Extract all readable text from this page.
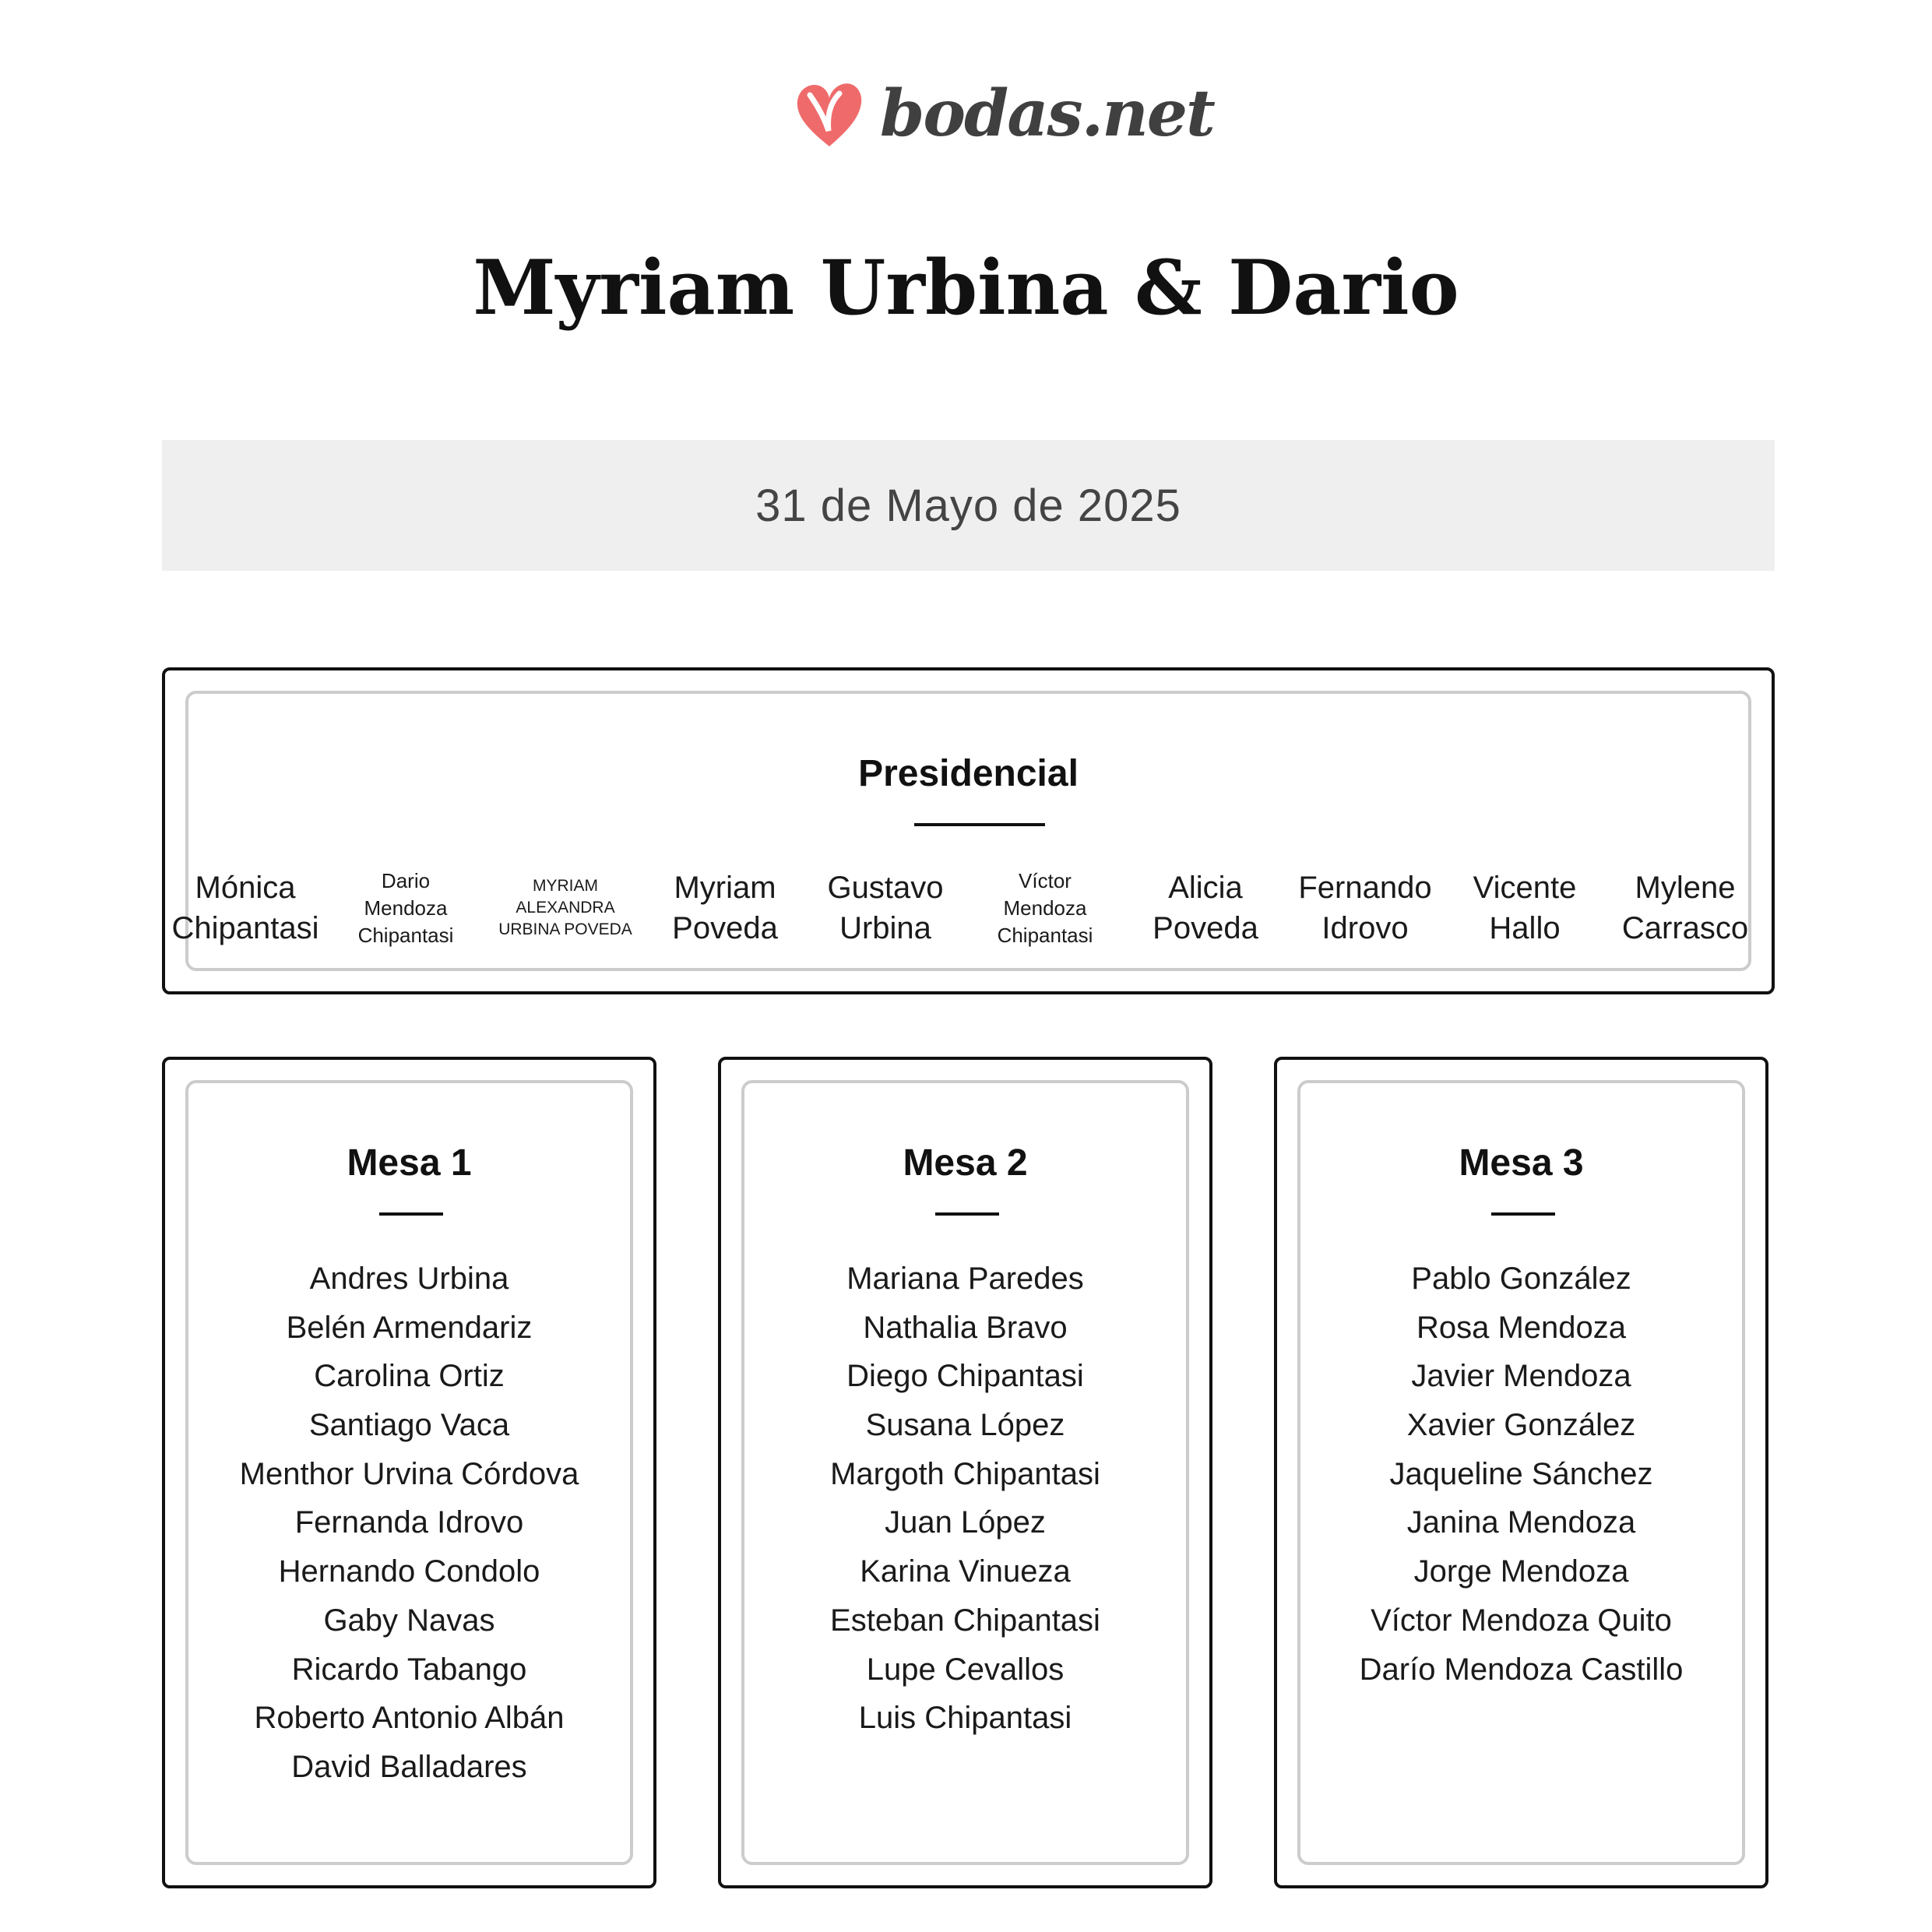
bodas.net
Myriam Urbina & Dario
31 de Mayo de 2025
Presidencial
Mónica Chipantasi
Dario Mendoza Chipantasi
MYRIAM ALEXANDRA URBINA POVEDA
Myriam Poveda
Gustavo Urbina
Víctor Mendoza Chipantasi
Alicia Poveda
Fernando Idrovo
Vicente Hallo
Mylene Carrasco
Mesa 1
Andres Urbina
Belén Armendariz
Carolina Ortiz
Santiago Vaca
Menthor Urvina Córdova
Fernanda Idrovo
Hernando Condolo
Gaby Navas
Ricardo Tabango
Roberto Antonio Albán
David Balladares
Mesa 2
Mariana Paredes
Nathalia Bravo
Diego Chipantasi
Susana López
Margoth Chipantasi
Juan López
Karina Vinueza
Esteban Chipantasi
Lupe Cevallos
Luis Chipantasi
Mesa 3
Pablo González
Rosa Mendoza
Javier Mendoza
Xavier González
Jaqueline Sánchez
Janina Mendoza
Jorge Mendoza
Víctor Mendoza Quito
Darío Mendoza Castillo
